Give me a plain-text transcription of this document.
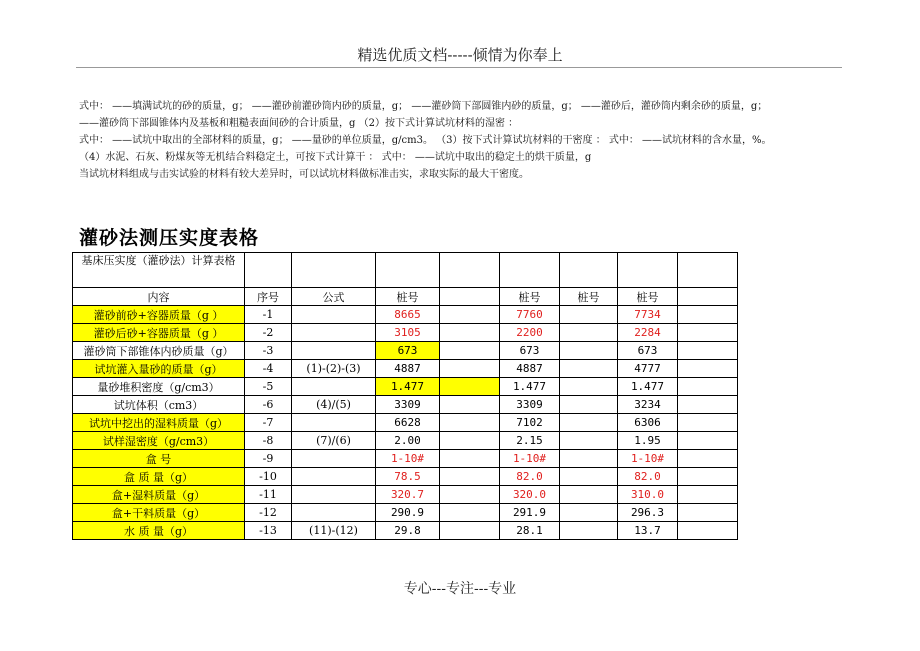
精选优质文档-----倾情为你奉上

式中： ——填满试坑的砂的质量，g； ——灌砂前灌砂筒内砂的质量，g； ——灌砂筒下部圆锥内砂的质量，g； ——灌砂后，灌砂筒内剩余砂的质量，g；

——灌砂筒下部圆锥体内及基板和粗糙表面间砂的合计质量，g （2）按下式计算试坑材料的湿密 ：

式中： ——试坑中取出的全部材料的质量，g； ——量砂的单位质量，g/cm3。 （3）按下式计算试坑材料的干密度 ： 式中： ——试坑材料的含水量，%。

（4）水泥、石灰、粉煤灰等无机结合料稳定土，可按下式计算干 ： 式中： ——试坑中取出的稳定土的烘干质量，g

当试坑材料组成与击实试验的材料有较大差异时，可以试坑材料做标准击实，求取实际的最大干密度。

灌砂法测压实度表格
基床压实度（灌砂法）计算表格								
内容	序号	公式	桩号		桩号	桩号	桩号	
灌砂前砂+容器质量（g ）	-1		8665		7760		7734	
灌砂后砂+容器质量（g ）	-2		3105		2200		2284	
灌砂筒下部锥体内砂质量（g）	-3		673		673		673	
试坑灌入量砂的质量（g）	-4	(1)-(2)-(3)	4887		4887		4777	
量砂堆积密度（g/cm3）	-5		1.477		1.477		1.477	
试坑体积（cm3）	-6	(4)/(5)	3309		3309		3234	
试坑中挖出的湿料质量（g）	-7		6628		7102		6306	
试样湿密度（g/cm3）	-8	(7)/(6)	2.00		2.15		1.95	
盒 号	-9		1-10#		1-10#		1-10#	
盒 质 量（g）	-10		78.5		82.0		82.0	
盒+湿料质量（g）	-11		320.7		320.0		310.0	
盒+干料质量（g）	-12		290.9		291.9		296.3	
水 质 量（g）	-13	(11)-(12)	29.8		28.1		13.7	
专心---专注---专业
